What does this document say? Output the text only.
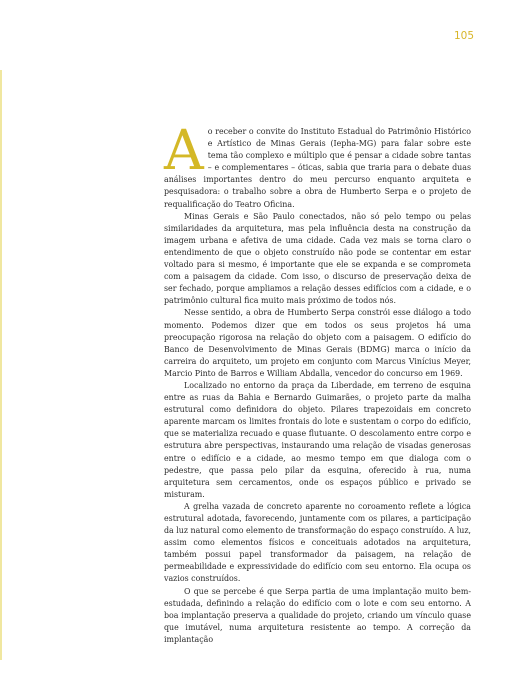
105

Ao receber o convite do Instituto Estadual do Patrimônio Histórico e Artístico de Minas Gerais (Iepha-MG) para falar sobre este tema tão complexo e múltiplo que é pensar a cidade sobre tantas – e complementares – óticas, sabia que traria para o debate duas análises importantes dentro do meu percurso enquanto arquiteta e pesquisadora: o trabalho sobre a obra de Humberto Serpa e o projeto de requalificação do Teatro Oficina.

Minas Gerais e São Paulo conectados, não só pelo tempo ou pelas similaridades da arquitetura, mas pela influência desta na construção da imagem urbana e afetiva de uma cidade. Cada vez mais se torna claro o entendimento de que o objeto construído não pode se contentar em estar voltado para si mesmo, é importante que ele se expanda e se comprometa com a paisagem da cidade. Com isso, o discurso de preservação deixa de ser fechado, porque ampliamos a relação desses edifícios com a cidade, e o patrimônio cultural fica muito mais próximo de todos nós.

Nesse sentido, a obra de Humberto Serpa constrói esse diálogo a todo momento. Podemos dizer que em todos os seus projetos há uma preocupação rigorosa na relação do objeto com a paisagem. O edifício do Banco de Desenvolvimento de Minas Gerais (BDMG) marca o início da carreira do arquiteto, um projeto em conjunto com Marcus Vinícius Meyer, Marcio Pinto de Barros e William Abdalla, vencedor do concurso em 1969.

Localizado no entorno da praça da Liberdade, em terreno de esquina entre as ruas da Bahia e Bernardo Guimarães, o projeto parte da malha estrutural como definidora do objeto. Pilares trapezoidais em concreto aparente marcam os limites frontais do lote e sustentam o corpo do edifício, que se materializa recuado e quase flutuante. O descolamento entre corpo e estrutura abre perspectivas, instaurando uma relação de visadas generosas entre o edifício e a cidade, ao mesmo tempo em que dialoga com o pedestre, que passa pelo pilar da esquina, oferecido à rua, numa arquitetura sem cercamentos, onde os espaços público e privado se misturam.

A grelha vazada de concreto aparente no coroamento reflete a lógica estrutural adotada, favorecendo, juntamente com os pilares, a participação da luz natural como elemento de transformação do espaço construído. A luz, assim como elementos físicos e conceituais adotados na arquitetura, também possui papel transformador da paisagem, na relação de permeabilidade e expressividade do edifício com seu entorno. Ela ocupa os vazios construídos.

O que se percebe é que Serpa partia de uma implantação muito bem-estudada, definindo a relação do edifício com o lote e com seu entorno. A boa implantação preserva a qualidade do projeto, criando um vínculo quase que imutável, numa arquitetura resistente ao tempo. A correção da implantação
